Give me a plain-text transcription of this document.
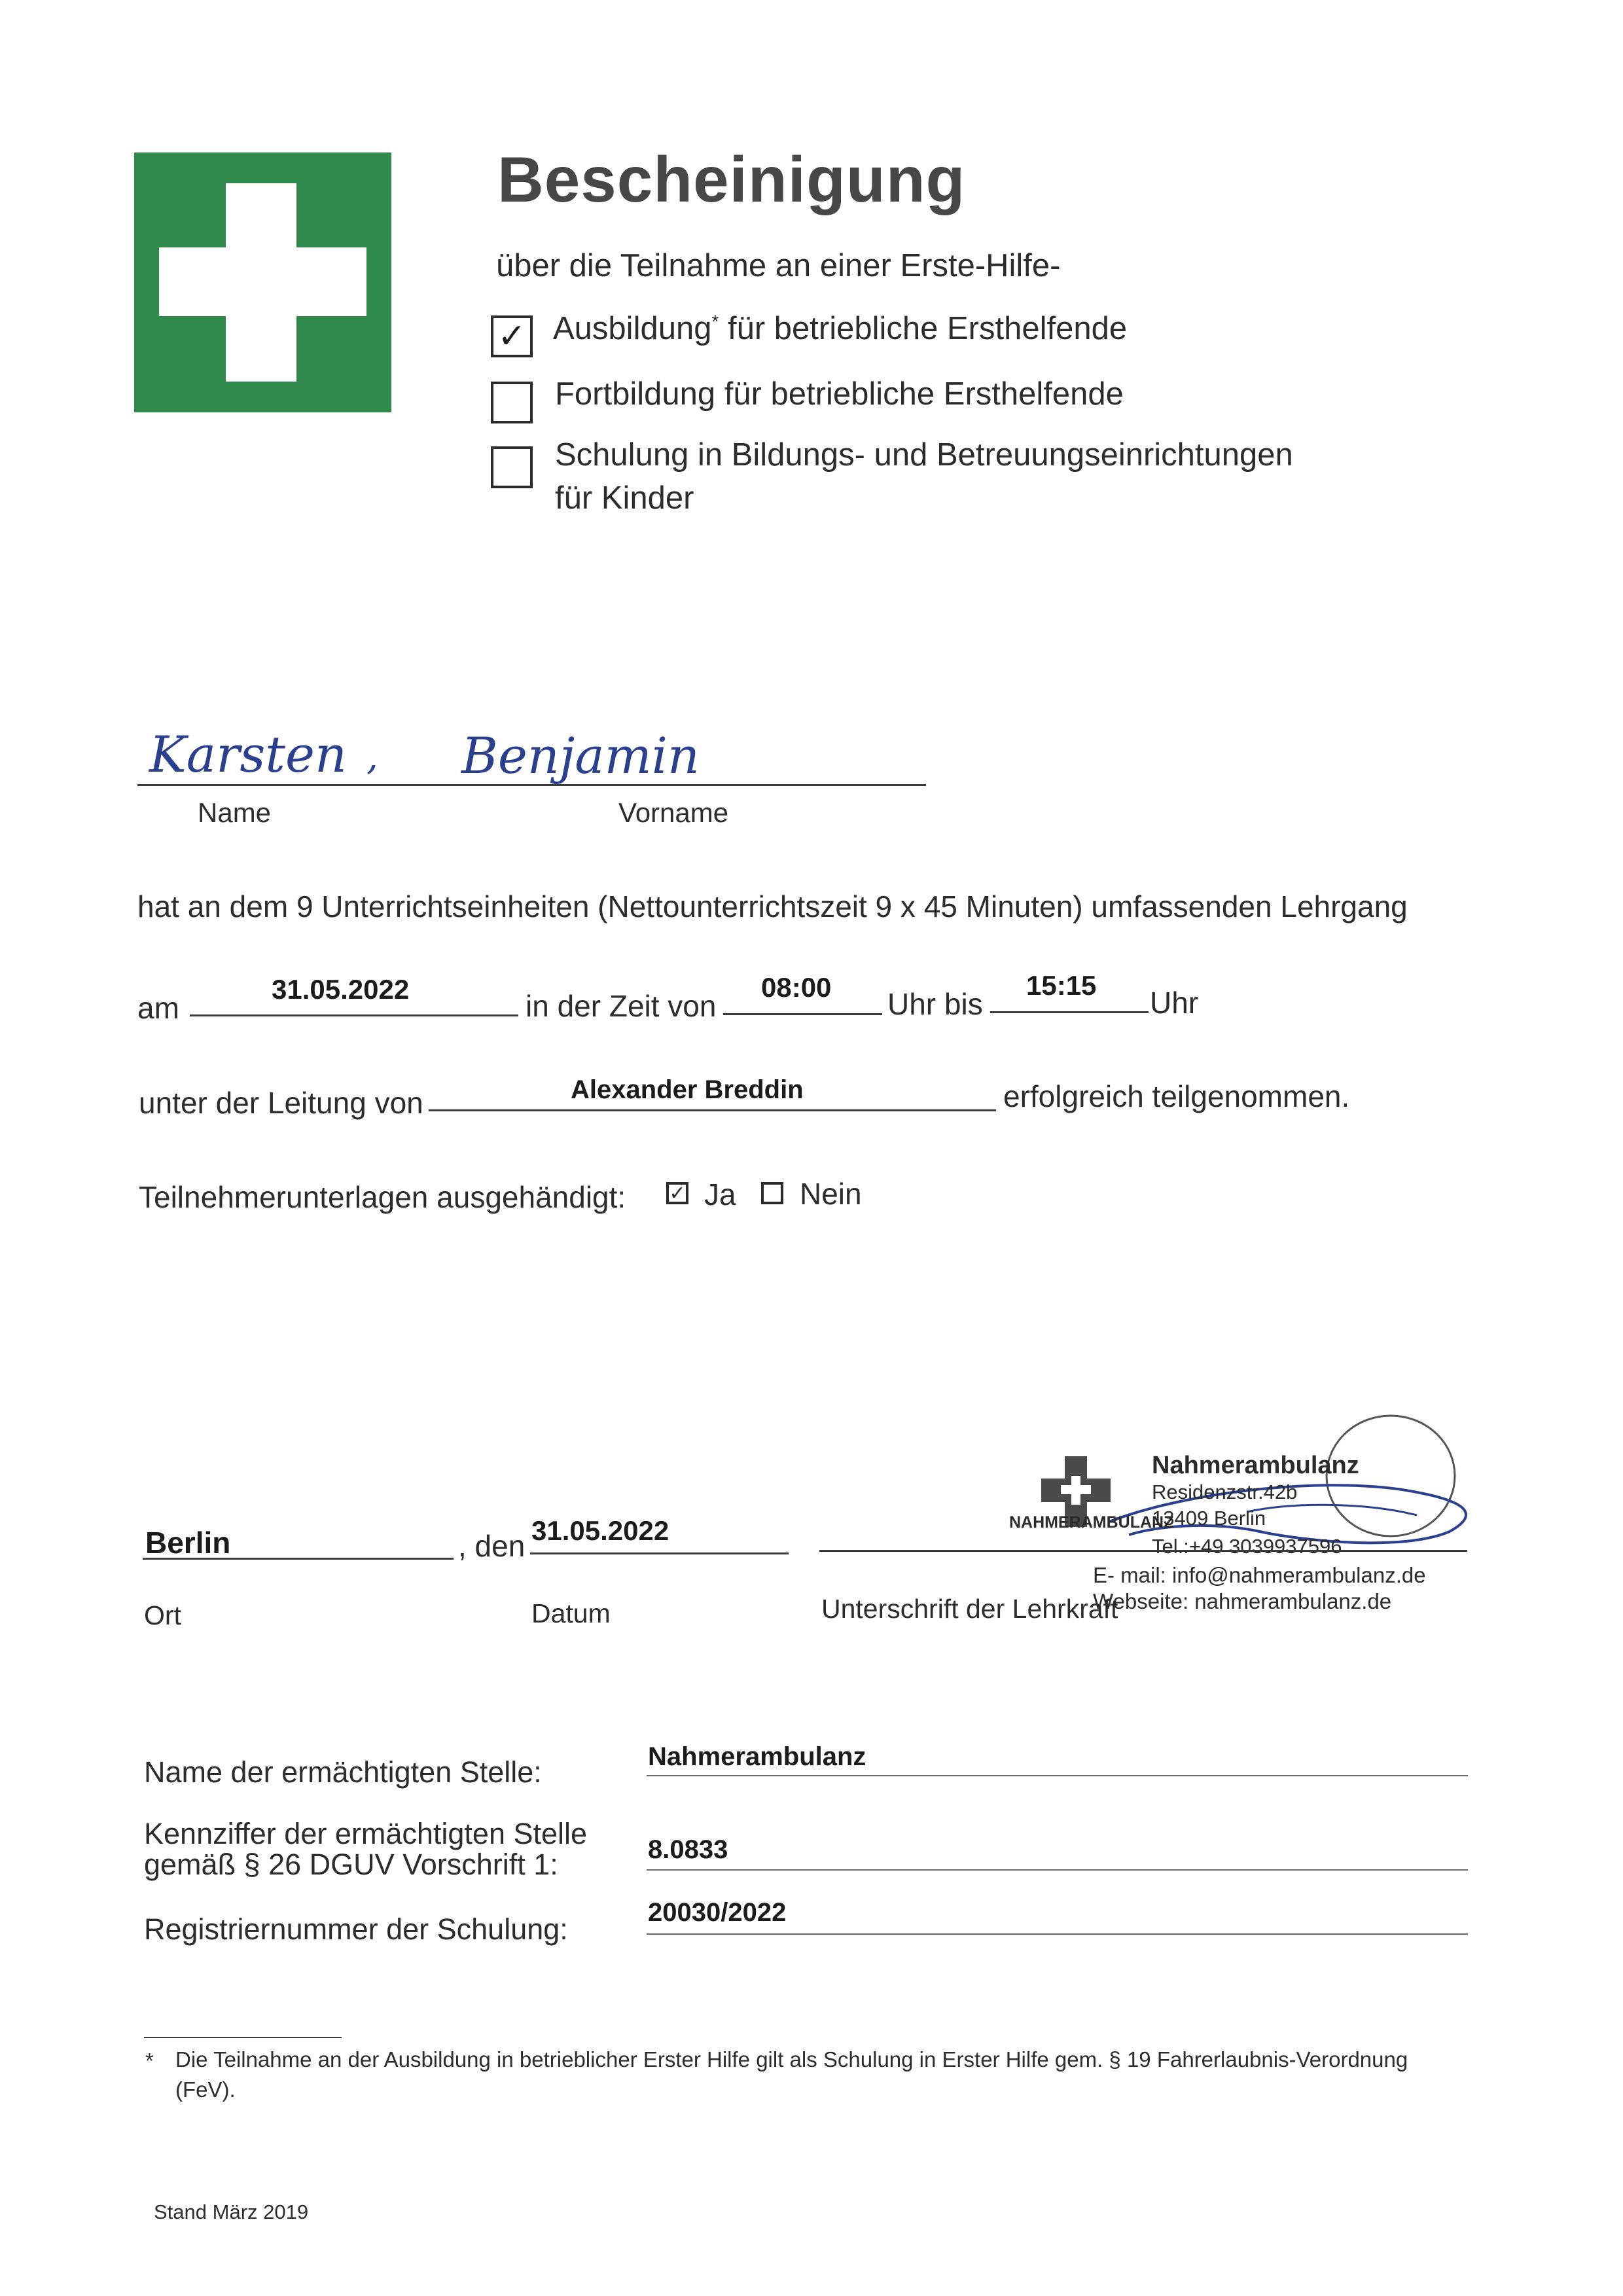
Bescheinigung
über die Teilnahme an einer Erste-Hilfe-
✓ Ausbildung* für betriebliche Ersthelfende
Fortbildung für betriebliche Ersthelfende
Schulung in Bildungs- und Betreuungseinrichtungen
für Kinder
Karsten , Benjamin
Name	Vorname
hat an dem 9 Unterrichtseinheiten (Nettounterrichtszeit 9 x 45 Minuten) umfassenden Lehrgang
am
31.05.2022	in der Zeit von
08:00 Uhr bis
15:15
Uhr
unter der Leitung von	Alexander Breddin	erfolgreich teilgenommen.
Teilnehmerunterlagen ausgehändigt: ✓ Ja Nein
Nahmerambulanz
Residenzstr.42b
13409 Berlin
NAHMERAMBULANZ
Tel.:+49 3039937596
E- mail: info@nahmerambulanz.de
Webseite: nahmerambulanz.de
Berlin	, den 31.05.2022
Ort	Datum	Unterschrift der Lehrkraft
Name der ermächtigten Stelle:	Nahmerambulanz
Kennziffer der ermächtigten Stelle
gemäß § 26 DGUV Vorschrift 1:	8.0833
Registriernummer der Schulung:	20030/2022
* Die Teilnahme an der Ausbildung in betrieblicher Erster Hilfe gilt als Schulung in Erster Hilfe gem. § 19 Fahrerlaubnis-Verordnung
(FeV).
Stand März 2019
